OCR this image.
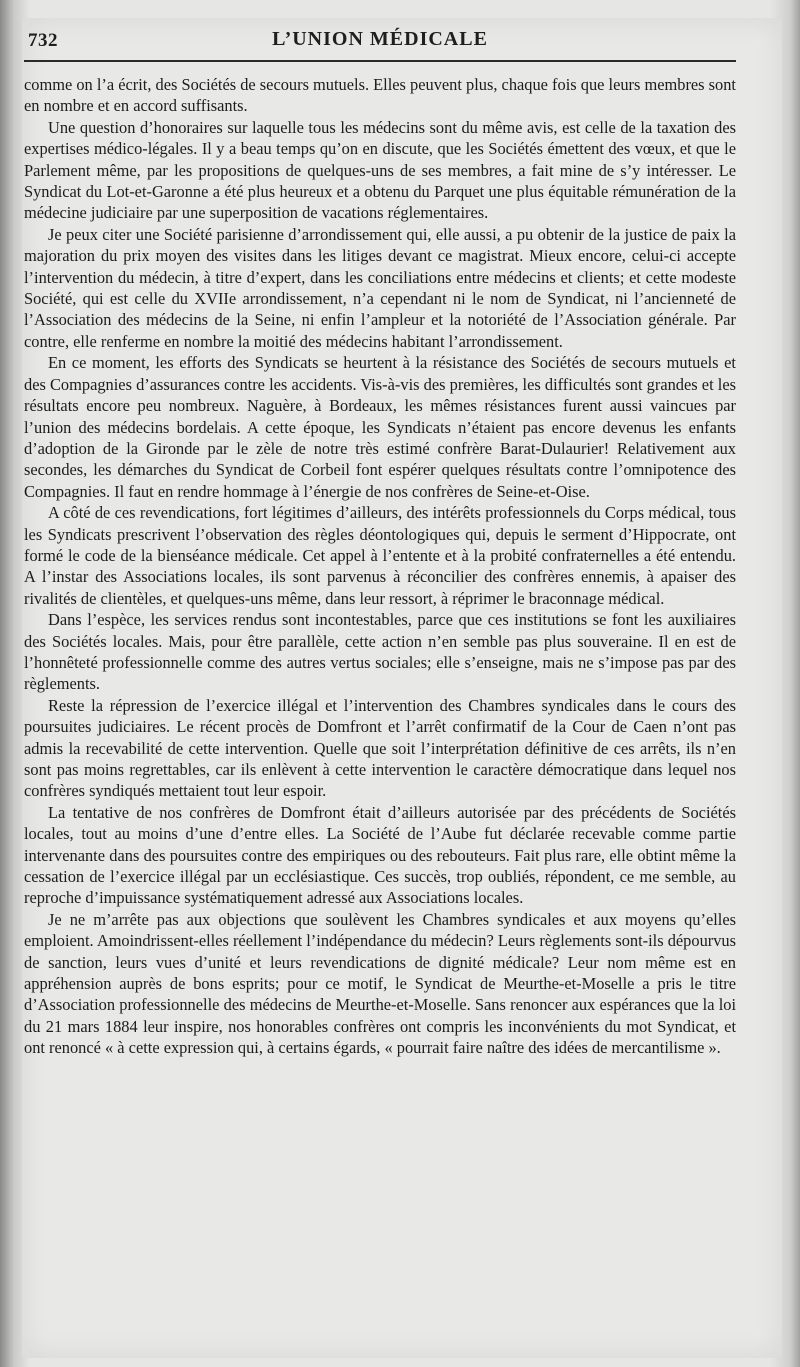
732	L’UNION MÉDICALE

comme on l’a écrit, des Sociétés de secours mutuels. Elles peuvent plus, chaque fois que leurs membres sont en nombre et en accord suffisants.

Une question d’honoraires sur laquelle tous les médecins sont du même avis, est celle de la taxation des expertises médico-légales. Il y a beau temps qu’on en discute, que les Sociétés émettent des vœux, et que le Parlement même, par les propositions de quelques-uns de ses membres, a fait mine de s’y intéresser. Le Syndicat du Lot-et-Garonne a été plus heureux et a obtenu du Parquet une plus équitable rémunération de la médecine judiciaire par une superposition de vacations réglementaires.

Je peux citer une Société parisienne d’arrondissement qui, elle aussi, a pu obtenir de la justice de paix la majoration du prix moyen des visites dans les litiges devant ce magistrat. Mieux encore, celui-ci accepte l’intervention du médecin, à titre d’expert, dans les conciliations entre médecins et clients; et cette modeste Société, qui est celle du XVIIe arrondissement, n’a cependant ni le nom de Syndicat, ni l’ancienneté de l’Association des médecins de la Seine, ni enfin l’ampleur et la notoriété de l’Association générale. Par contre, elle renferme en nombre la moitié des médecins habitant l’arrondissement.

En ce moment, les efforts des Syndicats se heurtent à la résistance des Sociétés de secours mutuels et des Compagnies d’assurances contre les accidents. Vis-à-vis des premières, les difficultés sont grandes et les résultats encore peu nombreux. Naguère, à Bordeaux, les mêmes résistances furent aussi vaincues par l’union des médecins bordelais. A cette époque, les Syndicats n’étaient pas encore devenus les enfants d’adoption de la Gironde par le zèle de notre très estimé confrère Barat-Dulaurier! Relativement aux secondes, les démarches du Syndicat de Corbeil font espérer quelques résultats contre l’omnipotence des Compagnies. Il faut en rendre hommage à l’énergie de nos confrères de Seine-et-Oise.

A côté de ces revendications, fort légitimes d’ailleurs, des intérêts professionnels du Corps médical, tous les Syndicats prescrivent l’observation des règles déontologiques qui, depuis le serment d’Hippocrate, ont formé le code de la bienséance médicale. Cet appel à l’entente et à la probité confraternelles a été entendu. A l’instar des Associations locales, ils sont parvenus à réconcilier des confrères ennemis, à apaiser des rivalités de clientèles, et quelques-uns même, dans leur ressort, à réprimer le braconnage médical.

Dans l’espèce, les services rendus sont incontestables, parce que ces institutions se font les auxiliaires des Sociétés locales. Mais, pour être parallèle, cette action n’en semble pas plus souveraine. Il en est de l’honnêteté professionnelle comme des autres vertus sociales; elle s’enseigne, mais ne s’impose pas par des règlements.

Reste la répression de l’exercice illégal et l’intervention des Chambres syndicales dans le cours des poursuites judiciaires. Le récent procès de Domfront et l’arrêt confirmatif de la Cour de Caen n’ont pas admis la recevabilité de cette intervention. Quelle que soit l’interprétation définitive de ces arrêts, ils n’en sont pas moins regrettables, car ils enlèvent à cette intervention le caractère démocratique dans lequel nos confrères syndiqués mettaient tout leur espoir.

La tentative de nos confrères de Domfront était d’ailleurs autorisée par des précédents de Sociétés locales, tout au moins d’une d’entre elles. La Société de l’Aube fut déclarée recevable comme partie intervenante dans des poursuites contre des empiriques ou des rebouteurs. Fait plus rare, elle obtint même la cessation de l’exercice illégal par un ecclésiastique. Ces succès, trop oubliés, répondent, ce me semble, au reproche d’impuissance systématiquement adressé aux Associations locales.

Je ne m’arrête pas aux objections que soulèvent les Chambres syndicales et aux moyens qu’elles emploient. Amoindrissent-elles réellement l’indépendance du médecin? Leurs règlements sont-ils dépourvus de sanction, leurs vues d’unité et leurs revendications de dignité médicale? Leur nom même est en appréhension auprès de bons esprits; pour ce motif, le Syndicat de Meurthe-et-Moselle a pris le titre d’Association professionnelle des médecins de Meurthe-et-Moselle. Sans renoncer aux espérances que la loi du 21 mars 1884 leur inspire, nos honorables confrères ont compris les inconvénients du mot Syndicat, et ont renoncé « à cette expression qui, à certains égards, « pourrait faire naître des idées de mercantilisme ».
